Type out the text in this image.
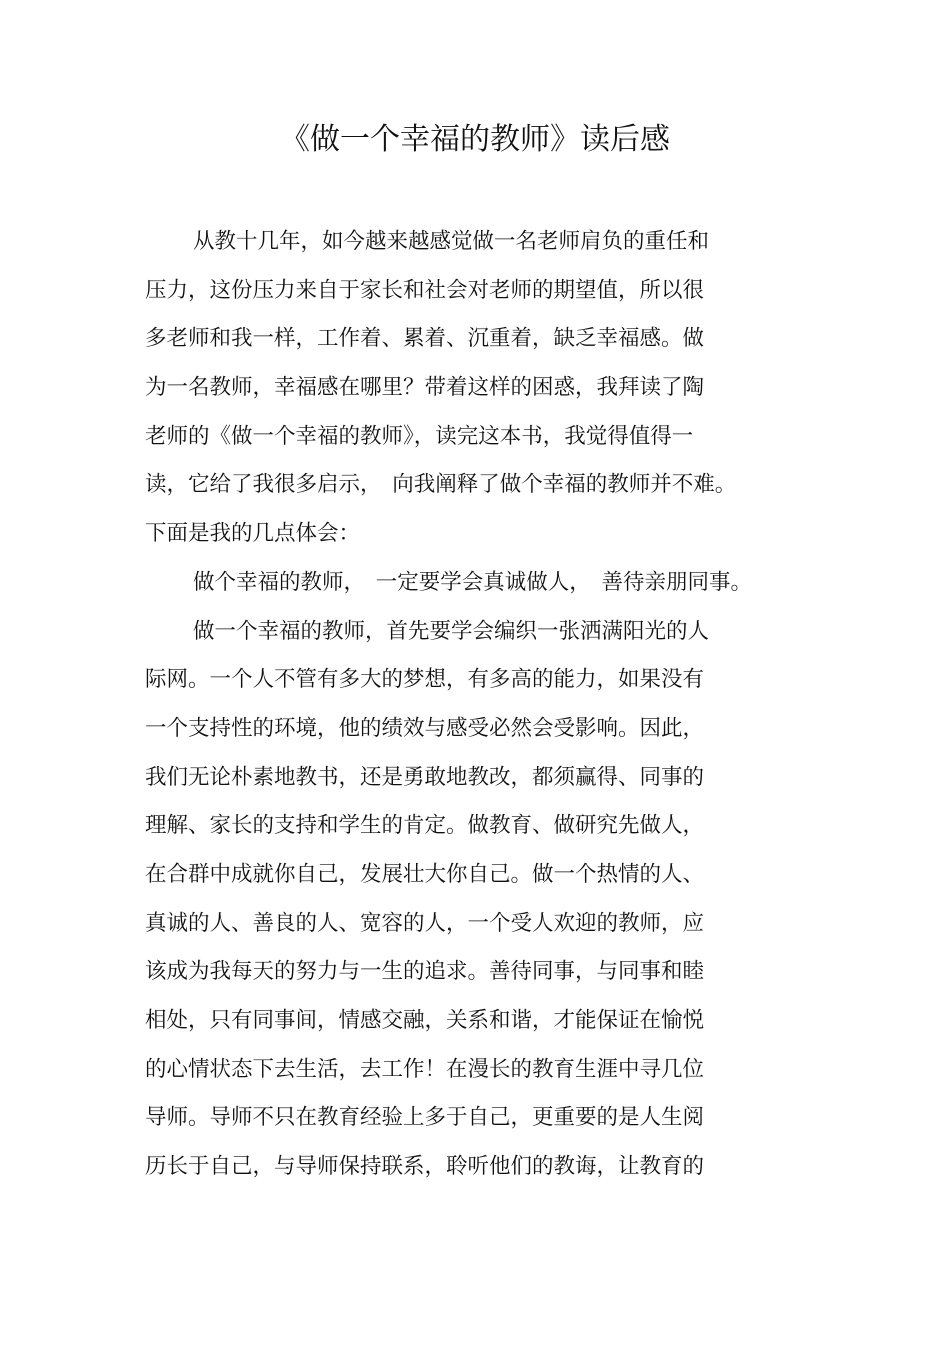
《做一个幸福的教师》读后感
从教十几年，如今越来越感觉做一名老师肩负的重任和
压力，这份压力来自于家长和社会对老师的期望值，所以很
多老师和我一样，工作着、累着、沉重着，缺乏幸福感。做
为一名教师，幸福感在哪里？带着这样的困惑，我拜读了陶
老师的《做一个幸福的教师》，读完这本书，我觉得值得一
读，它给了我很多启示，　向我阐释了做个幸福的教师并不难。
下面是我的几点体会：
做个幸福的教师，　一定要学会真诚做人，　善待亲朋同事。
做一个幸福的教师，首先要学会编织一张洒满阳光的人
际网。一个人不管有多大的梦想，有多高的能力，如果没有
一个支持性的环境，他的绩效与感受必然会受影响。因此，
我们无论朴素地教书，还是勇敢地教改，都须赢得、同事的
理解、家长的支持和学生的肯定。做教育、做研究先做人，
在合群中成就你自己，发展壮大你自己。做一个热情的人、
真诚的人、善良的人、宽容的人，一个受人欢迎的教师，应
该成为我每天的努力与一生的追求。善待同事，与同事和睦
相处，只有同事间，情感交融，关系和谐，才能保证在愉悦
的心情状态下去生活，去工作！在漫长的教育生涯中寻几位
导师。导师不只在教育经验上多于自己，更重要的是人生阅
历长于自己，与导师保持联系，聆听他们的教诲，让教育的
